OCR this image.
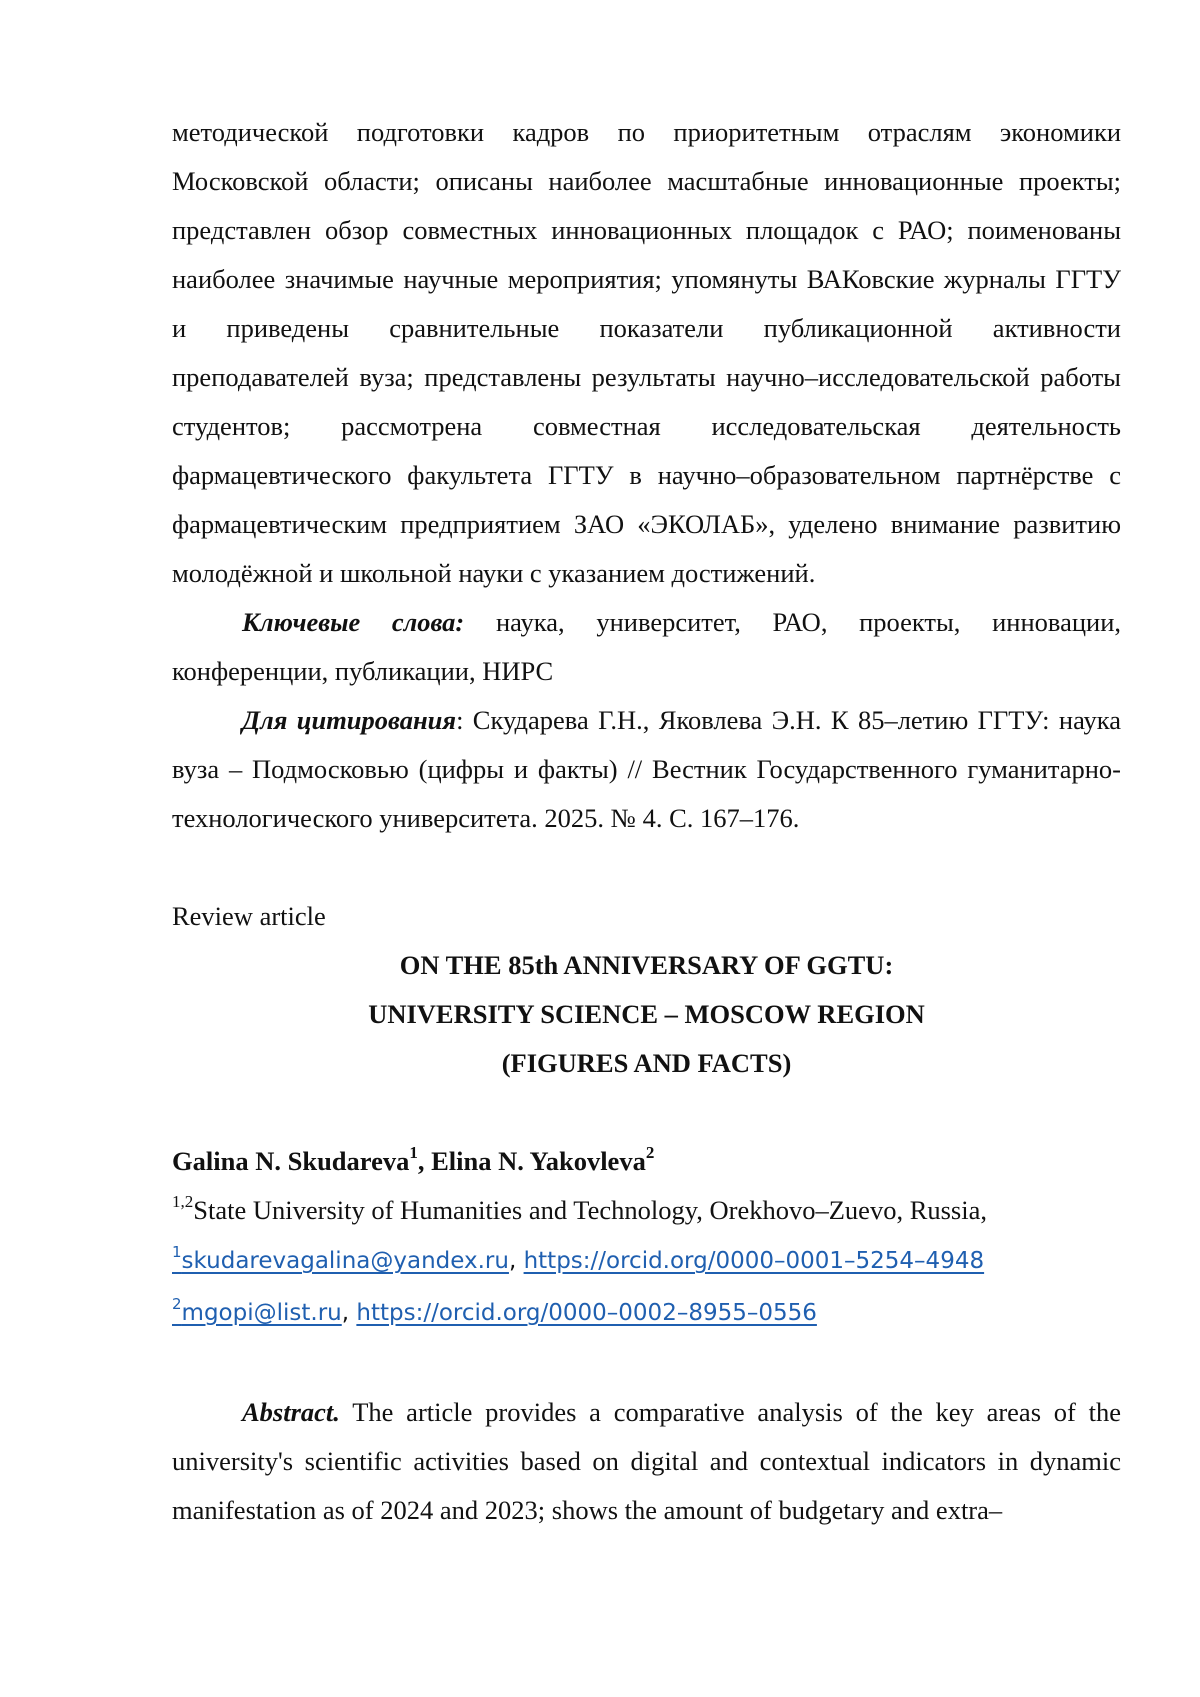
методической подготовки кадров по приоритетным отраслям экономики Московской области; описаны наиболее масштабные инновационные проекты; представлен обзор совместных инновационных площадок с РАО; поименованы наиболее значимые научные мероприятия; упомянуты ВАКовские журналы ГГТУ и приведены сравнительные показатели публикационной активности преподавателей вуза; представлены результаты научно–исследовательской работы студентов; рассмотрена совместная исследовательская деятельность фармацевтического факультета ГГТУ в научно–образовательном партнёрстве с фармацевтическим предприятием ЗАО «ЭКОЛАБ», уделено внимание развитию молодёжной и школьной науки с указанием достижений.

Ключевые слова: наука, университет, РАО, проекты, инновации, конференции, публикации, НИРС

Для цитирования: Скударева Г.Н., Яковлева Э.Н. К 85–летию ГГТУ: наука вуза – Подмосковью (цифры и факты) // Вестник Государственного гуманитарно-технологического университета. 2025. № 4. С. 167–176.

Review article

ON THE 85th ANNIVERSARY OF GGTU:
UNIVERSITY SCIENCE – MOSCOW REGION
(FIGURES AND FACTS)

Galina N. Skudareva$^1$, Elina N. Yakovleva$^2$

$^{1,2}$State University of Humanities and Technology, Orekhovo–Zuevo, Russia,

$^1$skudarevagalina@yandex.ru, https://orcid.org/0000–0001–5254–4948

$^2$mgopi@list.ru, https://orcid.org/0000–0002–8955–0556

Abstract. The article provides a comparative analysis of the key areas of the university's scientific activities based on digital and contextual indicators in dynamic manifestation as of 2024 and 2023; shows the amount of budgetary and extra–
